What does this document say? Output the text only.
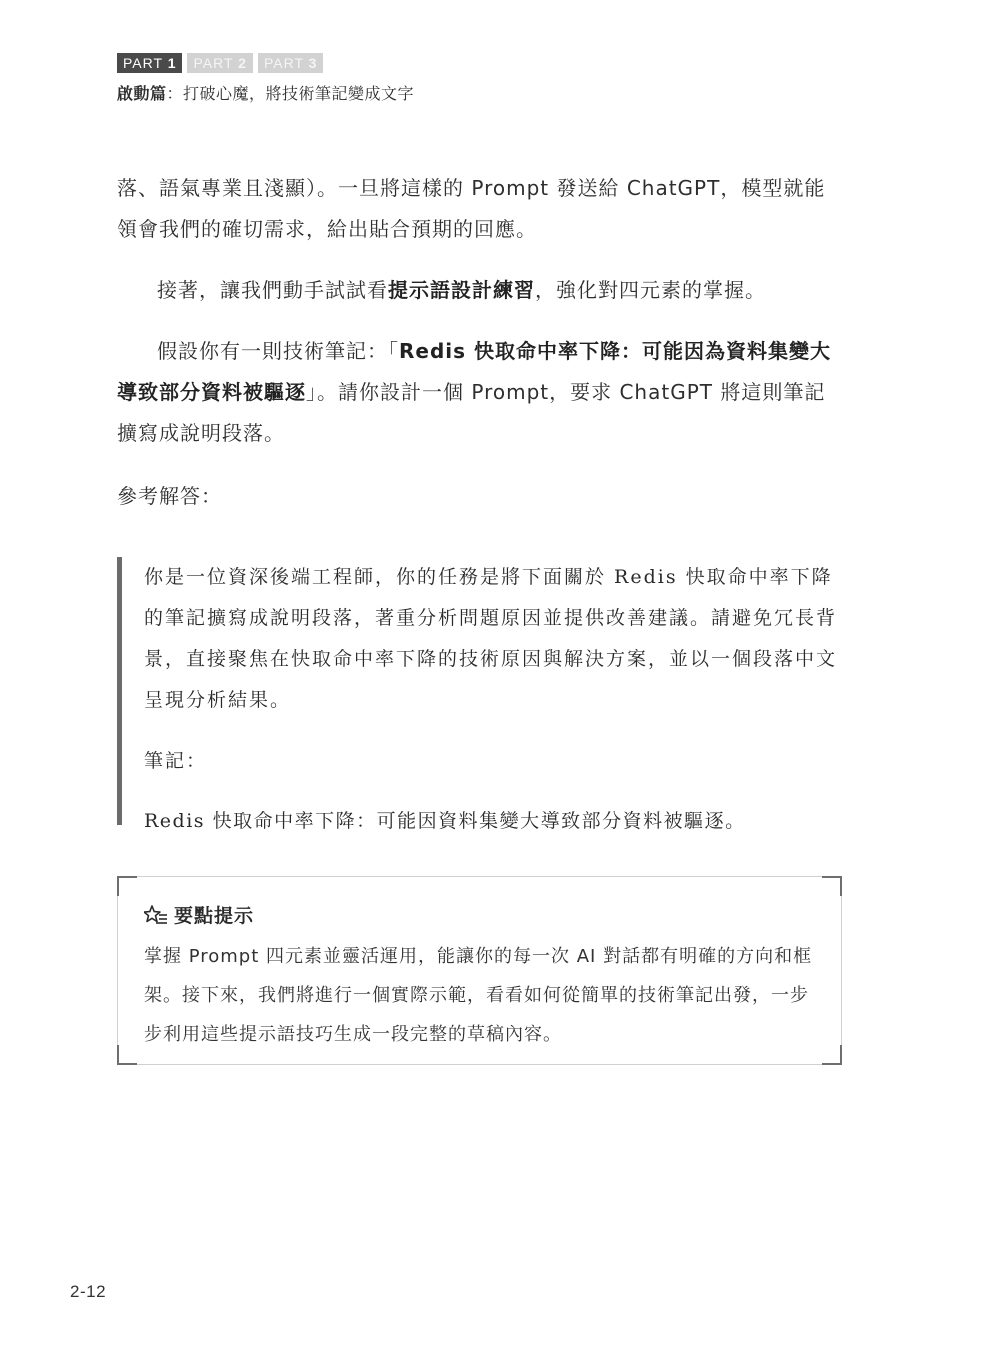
PART 1	PART 2	PART 3
啟動篇：打破心魔，將技術筆記變成文字

落、語氣專業且淺顯）。一旦將這樣的 Prompt 發送給 ChatGPT，模型就能領會我們的確切需求，給出貼合預期的回應。

接著，讓我們動手試試看提示語設計練習，強化對四元素的掌握。

假設你有一則技術筆記：「Redis 快取命中率下降：可能因為資料集變大導致部分資料被驅逐」。請你設計一個 Prompt，要求 ChatGPT 將這則筆記擴寫成說明段落。

參考解答：

你是一位資深後端工程師，你的任務是將下面關於 Redis 快取命中率下降的筆記擴寫成說明段落，著重分析問題原因並提供改善建議。請避免冗長背景，直接聚焦在快取命中率下降的技術原因與解決方案，並以一個段落中文呈現分析結果。

筆記：

Redis 快取命中率下降：可能因資料集變大導致部分資料被驅逐。

要點提示

掌握 Prompt 四元素並靈活運用，能讓你的每一次 AI 對話都有明確的方向和框架。接下來，我們將進行一個實際示範，看看如何從簡單的技術筆記出發，一步步利用這些提示語技巧生成一段完整的草稿內容。

2-12
